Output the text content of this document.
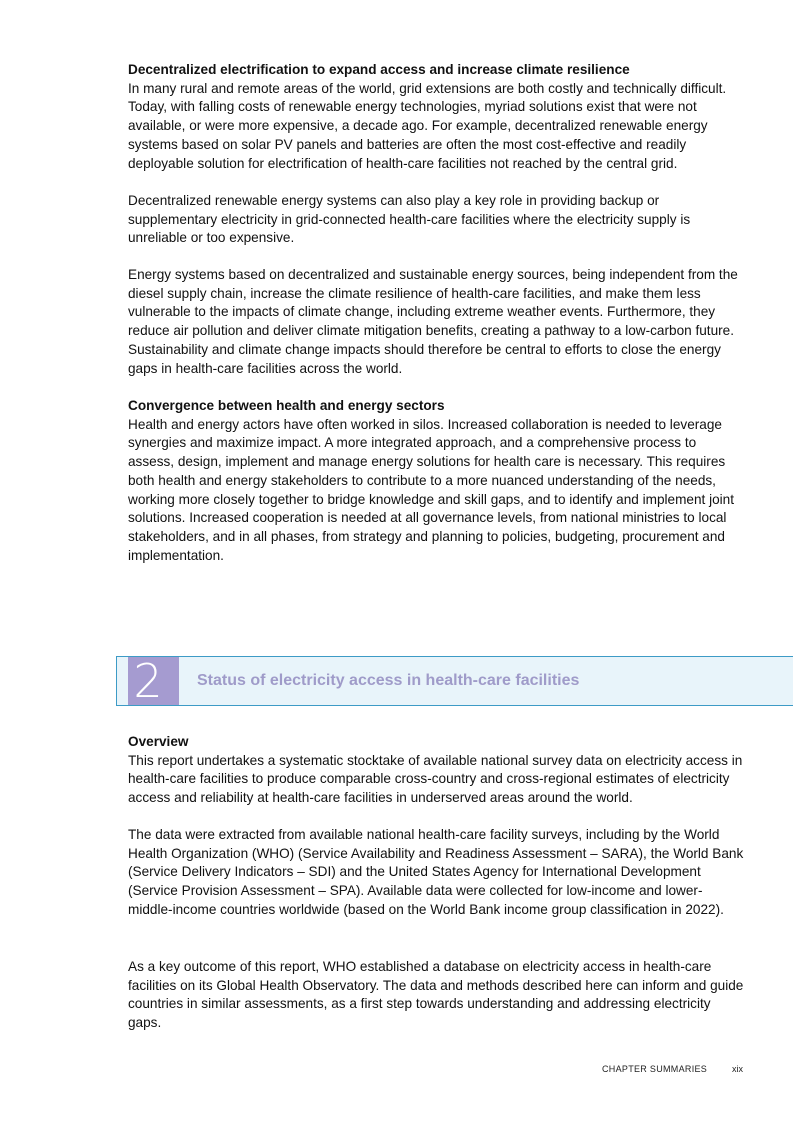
Decentralized electrification to expand access and increase climate resilience
In many rural and remote areas of the world, grid extensions are both costly and technically difficult. Today, with falling costs of renewable energy technologies, myriad solutions exist that were not available, or were more expensive, a decade ago. For example, decentralized renewable energy systems based on solar PV panels and batteries are often the most cost-effective and readily deployable solution for electrification of health-care facilities not reached by the central grid.

Decentralized renewable energy systems can also play a key role in providing backup or supplementary electricity in grid-connected health-care facilities where the electricity supply is unreliable or too expensive.

Energy systems based on decentralized and sustainable energy sources, being independent from the diesel supply chain, increase the climate resilience of health-care facilities, and make them less vulnerable to the impacts of climate change, including extreme weather events. Furthermore, they reduce air pollution and deliver climate mitigation benefits, creating a pathway to a low-carbon future. Sustainability and climate change impacts should therefore be central to efforts to close the energy gaps in health-care facilities across the world.

Convergence between health and energy sectors
Health and energy actors have often worked in silos. Increased collaboration is needed to leverage synergies and maximize impact. A more integrated approach, and a comprehensive process to assess, design, implement and manage energy solutions for health care is necessary. This requires both health and energy stakeholders to contribute to a more nuanced understanding of the needs, working more closely together to bridge knowledge and skill gaps, and to identify and implement joint solutions. Increased cooperation is needed at all governance levels, from national ministries to local stakeholders, and in all phases, from strategy and planning to policies, budgeting, procurement and implementation.

2	Status of electricity access in health-care facilities

Overview
This report undertakes a systematic stocktake of available national survey data on electricity access in health-care facilities to produce comparable cross-country and cross-regional estimates of electricity access and reliability at health-care facilities in underserved areas around the world.

The data were extracted from available national health-care facility surveys, including by the World Health Organization (WHO) (Service Availability and Readiness Assessment – SARA), the World Bank (Service Delivery Indicators – SDI) and the United States Agency for International Development (Service Provision Assessment – SPA). Available data were collected for low-income and lower-middle-income countries worldwide (based on the World Bank income group classification in 2022).

As a key outcome of this report, WHO established a database on electricity access in health-care facilities on its Global Health Observatory. The data and methods described here can inform and guide countries in similar assessments, as a first step towards understanding and addressing electricity gaps.

CHAPTER SUMMARIES	xix
